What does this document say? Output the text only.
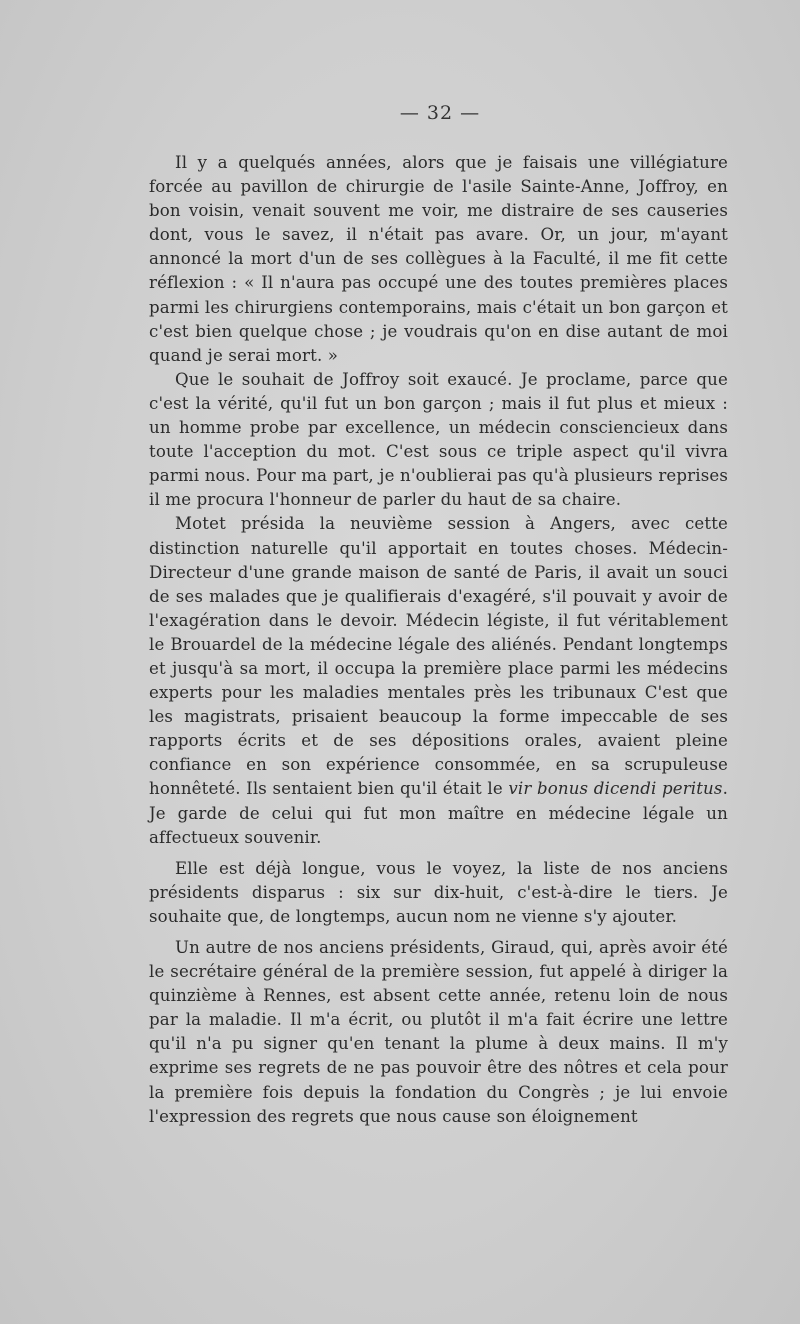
— 32 —

Il y a quelqués années, alors que je faisais une villégiature forcée au pavillon de chirurgie de l'asile Sainte-Anne, Joffroy, en bon voisin, venait souvent me voir, me distraire de ses causeries dont, vous le savez, il n'était pas avare. Or, un jour, m'ayant annoncé la mort d'un de ses collègues à la Faculté, il me fit cette réflexion : « Il n'aura pas occupé une des toutes premières places parmi les chirurgiens contemporains, mais c'était un bon garçon et c'est bien quelque chose ; je voudrais qu'on en dise autant de moi quand je serai mort. »

Que le souhait de Joffroy soit exaucé. Je proclame, parce que c'est la vérité, qu'il fut un bon garçon ; mais il fut plus et mieux : un homme probe par excellence, un médecin consciencieux dans toute l'acception du mot. C'est sous ce triple aspect qu'il vivra parmi nous. Pour ma part, je n'oublierai pas qu'à plusieurs reprises il me procura l'honneur de parler du haut de sa chaire.

Motet présida la neuvième session à Angers, avec cette distinction naturelle qu'il apportait en toutes choses. Médecin-Directeur d'une grande maison de santé de Paris, il avait un souci de ses malades que je qualifierais d'exagéré, s'il pouvait y avoir de l'exagération dans le devoir. Médecin légiste, il fut véritablement le Brouardel de la médecine légale des aliénés. Pendant longtemps et jusqu'à sa mort, il occupa la première place parmi les médecins experts pour les maladies mentales près les tribunaux C'est que les magistrats, prisaient beaucoup la forme impeccable de ses rapports écrits et de ses dépositions orales, avaient pleine confiance en son expérience consommée, en sa scrupuleuse honnêteté. Ils sentaient bien qu'il était le vir bonus dicendi peritus. Je garde de celui qui fut mon maître en médecine légale un affectueux souvenir.

Elle est déjà longue, vous le voyez, la liste de nos anciens présidents disparus : six sur dix-huit, c'est-à-dire le tiers. Je souhaite que, de longtemps, aucun nom ne vienne s'y ajouter.

Un autre de nos anciens présidents, Giraud, qui, après avoir été le secrétaire général de la première session, fut appelé à diriger la quinzième à Rennes, est absent cette année, retenu loin de nous par la maladie. Il m'a écrit, ou plutôt il m'a fait écrire une lettre qu'il n'a pu signer qu'en tenant la plume à deux mains. Il m'y exprime ses regrets de ne pas pouvoir être des nôtres et cela pour la première fois depuis la fondation du Congrès ; je lui envoie l'expression des regrets que nous cause son éloignement
